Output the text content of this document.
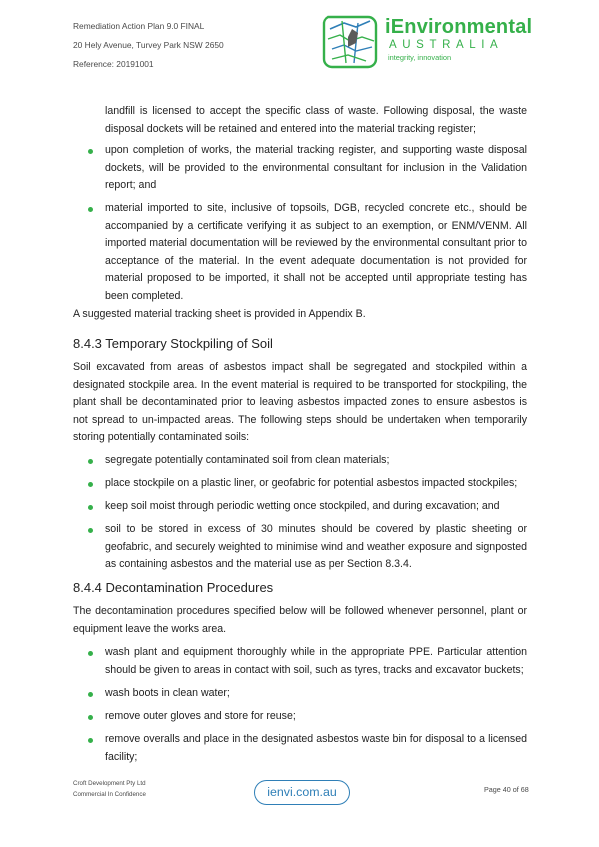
Remediation Action Plan 9.0 FINAL
20 Hely Avenue, Turvey Park NSW 2650
Reference: 20191001
iEnvironmental
AUSTRALIA
integrity, innovation
landfill is licensed to accept the specific class of waste. Following disposal, the waste disposal dockets will be retained and entered into the material tracking register;
upon completion of works, the material tracking register, and supporting waste disposal dockets, will be provided to the environmental consultant for inclusion in the Validation report; and
material imported to site, inclusive of topsoils, DGB, recycled concrete etc., should be accompanied by a certificate verifying it as subject to an exemption, or ENM/VENM. All imported material documentation will be reviewed by the environmental consultant prior to acceptance of the material. In the event adequate documentation is not provided for material proposed to be imported, it shall not be accepted until appropriate testing has been completed.
A suggested material tracking sheet is provided in Appendix B.
8.4.3 Temporary Stockpiling of Soil
Soil excavated from areas of asbestos impact shall be segregated and stockpiled within a designated stockpile area. In the event material is required to be transported for stockpiling, the plant shall be decontaminated prior to leaving asbestos impacted zones to ensure asbestos is not spread to un-impacted areas. The following steps should be undertaken when temporarily storing potentially contaminated soils:
segregate potentially contaminated soil from clean materials;
place stockpile on a plastic liner, or geofabric for potential asbestos impacted stockpiles;
keep soil moist through periodic wetting once stockpiled, and during excavation; and
soil to be stored in excess of 30 minutes should be covered by plastic sheeting or geofabric, and securely weighted to minimise wind and weather exposure and signposted as containing asbestos and the material use as per Section 8.3.4.
8.4.4 Decontamination Procedures
The decontamination procedures specified below will be followed whenever personnel, plant or equipment leave the works area.
wash plant and equipment thoroughly while in the appropriate PPE. Particular attention should be given to areas in contact with soil, such as tyres, tracks and excavator buckets;
wash boots in clean water;
remove outer gloves and store for reuse;
remove overalls and place in the designated asbestos waste bin for disposal to a licensed facility;
Croft Development Pty Ltd
Commercial In Confidence	ienvi.com.au	Page 40 of 68
